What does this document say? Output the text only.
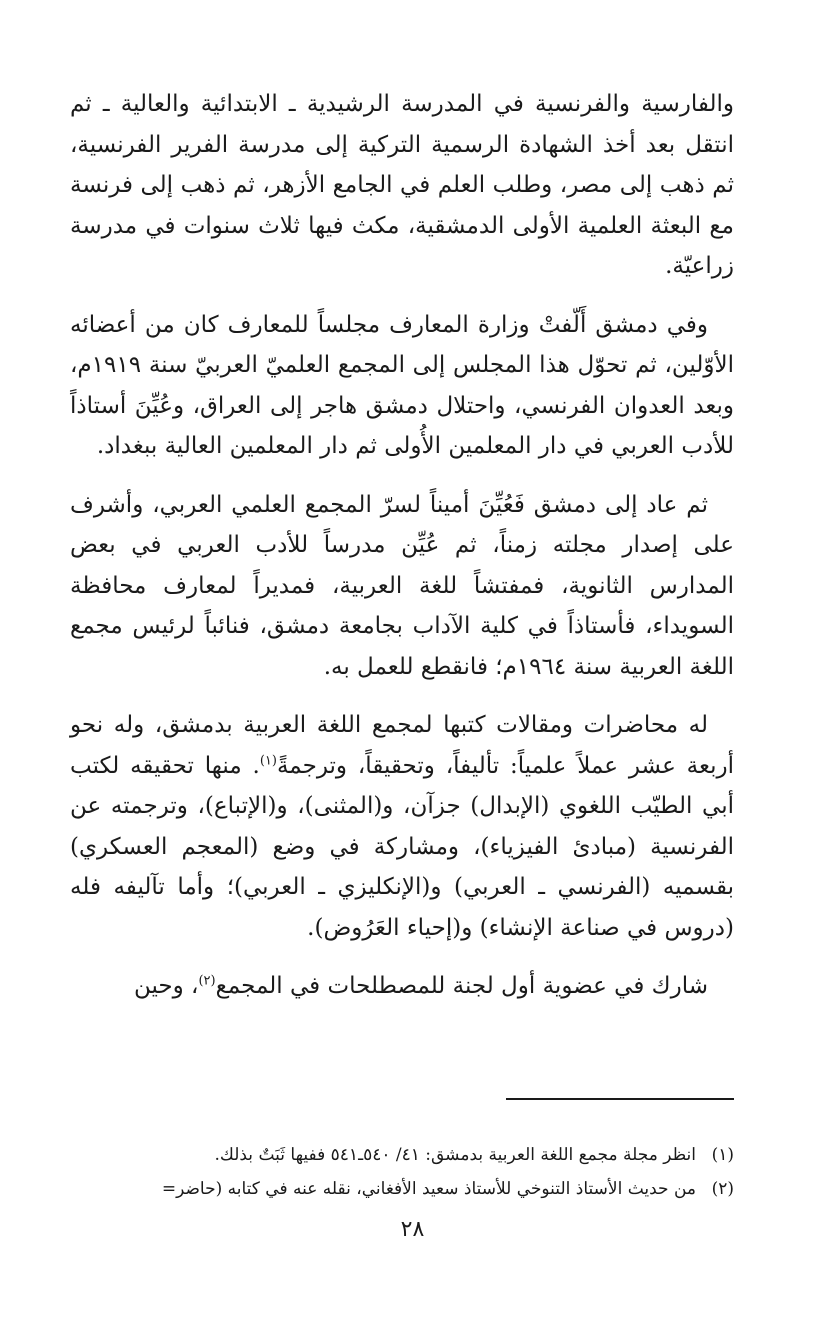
والفارسية والفرنسية في المدرسة الرشيدية ـ الابتدائية والعالية ـ ثم انتقل بعد أخذ الشهادة الرسمية التركية إلى مدرسة الفرير الفرنسية، ثم ذهب إلى مصر، وطلب العلم في الجامع الأزهر، ثم ذهب إلى فرنسة مع البعثة العلمية الأولى الدمشقية، مكث فيها ثلاث سنوات في مدرسة زراعيّة.

وفي دمشق أَلّفتْ وزارة المعارف مجلساً للمعارف كان من أعضائه الأوّلين، ثم تحوّل هذا المجلس إلى المجمع العلميّ العربيّ سنة ١٩١٩م، وبعد العدوان الفرنسي، واحتلال دمشق هاجر إلى العراق، وعُيِّنَ أستاذاً للأدب العربي في دار المعلمين الأُولى ثم دار المعلمين العالية ببغداد.

ثم عاد إلى دمشق فَعُيِّنَ أميناً لسرّ المجمع العلمي العربي، وأشرف على إصدار مجلته زمناً، ثم عُيِّن مدرساً للأدب العربي في بعض المدارس الثانوية، فمفتشاً للغة العربية، فمديراً لمعارف محافظة السويداء، فأستاذاً في كلية الآداب بجامعة دمشق، فنائباً لرئيس مجمع اللغة العربية سنة ١٩٦٤م؛ فانقطع للعمل به.

له محاضرات ومقالات كتبها لمجمع اللغة العربية بدمشق، وله نحو أربعة عشر عملاً علمياً: تأليفاً، وتحقيقاً، وترجمةً$^{(١)}$. منها تحقيقه لكتب أبي الطيّب اللغوي (الإبدال) جزآن، و(المثنى)، و(الإتباع)، وترجمته عن الفرنسية (مبادئ الفيزياء)، ومشاركة في وضع (المعجم العسكري) بقسميه (الفرنسي ـ العربي) و(الإنكليزي ـ العربي)؛ وأما تآليفه فله (دروس في صناعة الإنشاء) و(إحياء العَرُوض).

شارك في عضوية أول لجنة للمصطلحات في المجمع$^{(٢)}$، وحين

(١)
انظر مجلة مجمع اللغة العربية بدمشق: ٤١/ ٥٤٠ـ٥٤١ ففيها ثَبَتٌ بذلك.
(٢)
من حديث الأستاذ التنوخي للأستاذ سعيد الأفغاني، نقله عنه في كتابه (حاضر=
٢٨
